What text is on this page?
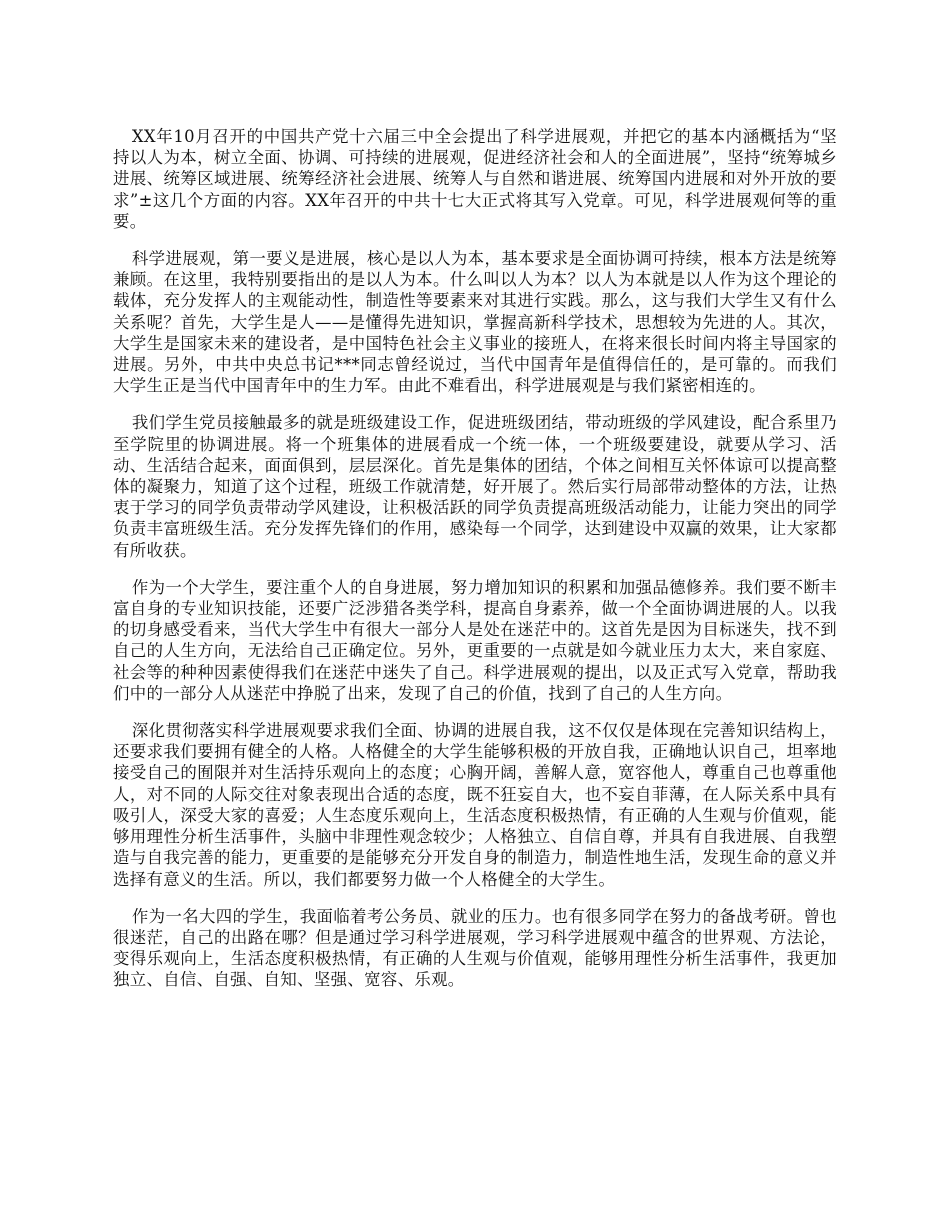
XX年10月召开的中国共产党十六届三中全会提出了科学进展观，并把它的基本内涵概括为“坚持以人为本，树立全面、协调、可持续的进展观，促进经济社会和人的全面进展”，坚持“统筹城乡进展、统筹区域进展、统筹经济社会进展、统筹人与自然和谐进展、统筹国内进展和对外开放的要求”±这几个方面的内容。XX年召开的中共十七大正式将其写入党章。可见，科学进展观何等的重要。

科学进展观，第一要义是进展，核心是以人为本，基本要求是全面协调可持续，根本方法是统筹兼顾。在这里，我特别要指出的是以人为本。什么叫以人为本？以人为本就是以人作为这个理论的载体，充分发挥人的主观能动性，制造性等要素来对其进行实践。那么，这与我们大学生又有什么关系呢？首先，大学生是人——是懂得先进知识，掌握高新科学技术，思想较为先进的人。其次，大学生是国家未来的建设者，是中国特色社会主义事业的接班人，在将来很长时间内将主导国家的进展。另外，中共中央总书记***同志曾经说过，当代中国青年是值得信任的，是可靠的。而我们大学生正是当代中国青年中的生力军。由此不难看出，科学进展观是与我们紧密相连的。

我们学生党员接触最多的就是班级建设工作，促进班级团结，带动班级的学风建设，配合系里乃至学院里的协调进展。将一个班集体的进展看成一个统一体，一个班级要建设，就要从学习、活动、生活结合起来，面面俱到，层层深化。首先是集体的团结，个体之间相互关怀体谅可以提高整体的凝聚力，知道了这个过程，班级工作就清楚，好开展了。然后实行局部带动整体的方法，让热衷于学习的同学负责带动学风建设，让积极活跃的同学负责提高班级活动能力，让能力突出的同学负责丰富班级生活。充分发挥先锋们的作用，感染每一个同学，达到建设中双赢的效果，让大家都有所收获。

作为一个大学生，要注重个人的自身进展，努力增加知识的积累和加强品德修养。我们要不断丰富自身的专业知识技能，还要广泛涉猎各类学科，提高自身素养，做一个全面协调进展的人。以我的切身感受看来，当代大学生中有很大一部分人是处在迷茫中的。这首先是因为目标迷失，找不到自己的人生方向，无法给自己正确定位。另外，更重要的一点就是如今就业压力太大，来自家庭、社会等的种种因素使得我们在迷茫中迷失了自己。科学进展观的提出，以及正式写入党章，帮助我们中的一部分人从迷茫中挣脱了出来，发现了自己的价值，找到了自己的人生方向。

深化贯彻落实科学进展观要求我们全面、协调的进展自我，这不仅仅是体现在完善知识结构上，还要求我们要拥有健全的人格。人格健全的大学生能够积极的开放自我，正确地认识自己，坦率地接受自己的囿限并对生活持乐观向上的态度；心胸开阔，善解人意，宽容他人，尊重自己也尊重他人，对不同的人际交往对象表现出合适的态度，既不狂妄自大，也不妄自菲薄，在人际关系中具有吸引人，深受大家的喜爱；人生态度乐观向上，生活态度积极热情，有正确的人生观与价值观，能够用理性分析生活事件，头脑中非理性观念较少；人格独立、自信自尊，并具有自我进展、自我塑造与自我完善的能力，更重要的是能够充分开发自身的制造力，制造性地生活，发现生命的意义并选择有意义的生活。所以，我们都要努力做一个人格健全的大学生。

作为一名大四的学生，我面临着考公务员、就业的压力。也有很多同学在努力的备战考研。曾也很迷茫，自己的出路在哪？但是通过学习科学进展观，学习科学进展观中蕴含的世界观、方法论，变得乐观向上，生活态度积极热情，有正确的人生观与价值观，能够用理性分析生活事件，我更加独立、自信、自强、自知、坚强、宽容、乐观。
